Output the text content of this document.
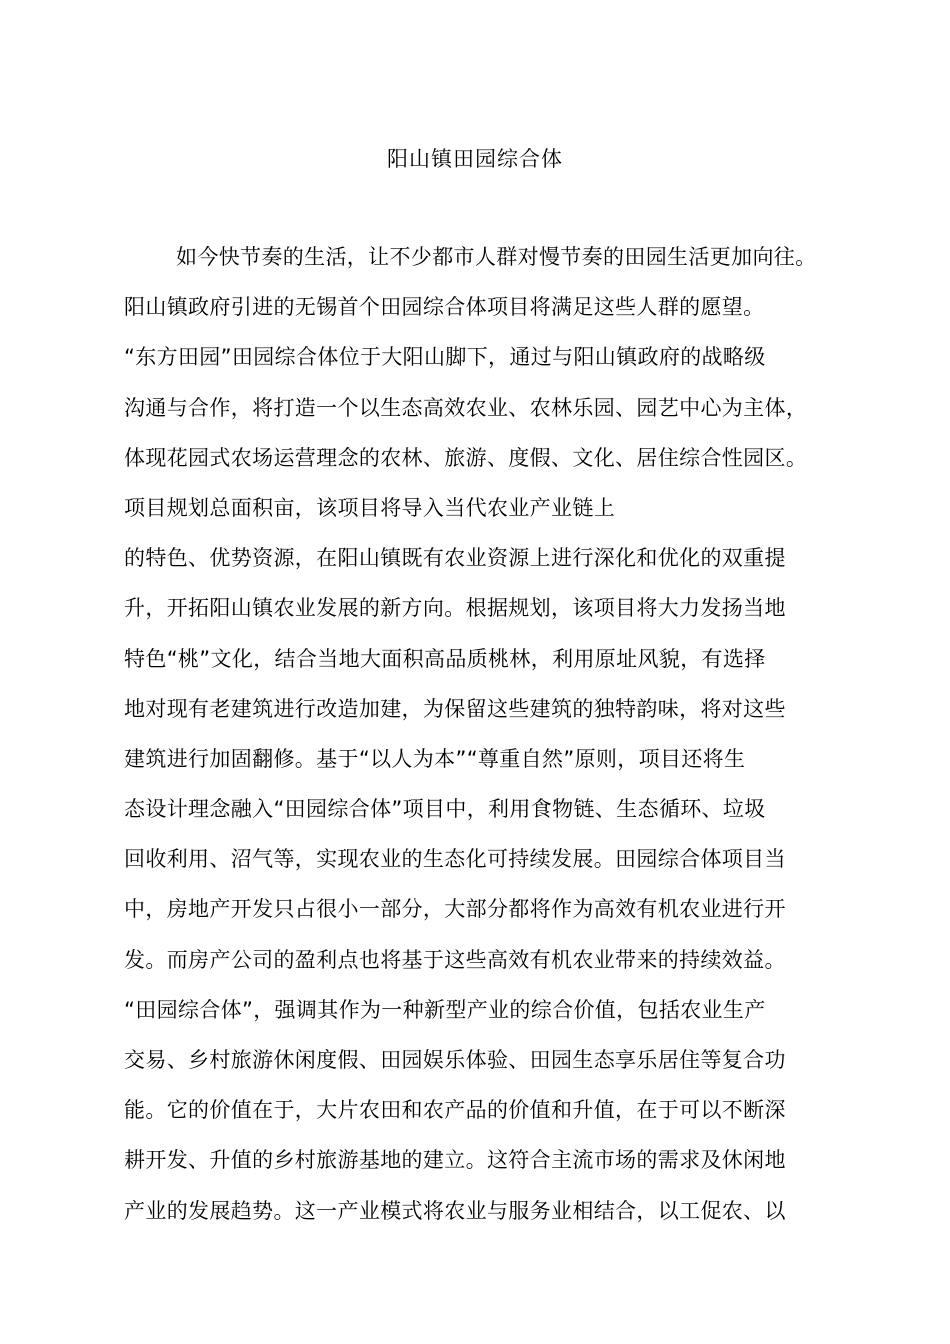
阳山镇田园综合体
如今快节奏的生活，让不少都市人群对慢节奏的田园生活更加向往。
阳山镇政府引进的无锡首个田园综合体项目将满足这些人群的愿望。
“东方田园”田园综合体位于大阳山脚下，通过与阳山镇政府的战略级
沟通与合作，将打造一个以生态高效农业、农林乐园、园艺中心为主体，
体现花园式农场运营理念的农林、旅游、度假、文化、居住综合性园区。
项目规划总面积亩，该项目将导入当代农业产业链上
的特色、优势资源，在阳山镇既有农业资源上进行深化和优化的双重提
升，开拓阳山镇农业发展的新方向。根据规划，该项目将大力发扬当地
特色“桃”文化，结合当地大面积高品质桃林，利用原址风貌，有选择
地对现有老建筑进行改造加建，为保留这些建筑的独特韵味，将对这些
建筑进行加固翻修。基于“以人为本”“尊重自然”原则，项目还将生
态设计理念融入“田园综合体”项目中，利用食物链、生态循环、垃圾
回收利用、沼气等，实现农业的生态化可持续发展。田园综合体项目当
中，房地产开发只占很小一部分，大部分都将作为高效有机农业进行开
发。而房产公司的盈利点也将基于这些高效有机农业带来的持续效益。
“田园综合体”，强调其作为一种新型产业的综合价值，包括农业生产
交易、乡村旅游休闲度假、田园娱乐体验、田园生态享乐居住等复合功
能。它的价值在于，大片农田和农产品的价值和升值，在于可以不断深
耕开发、升值的乡村旅游基地的建立。这符合主流市场的需求及休闲地
产业的发展趋势。这一产业模式将农业与服务业相结合，以工促农、以
